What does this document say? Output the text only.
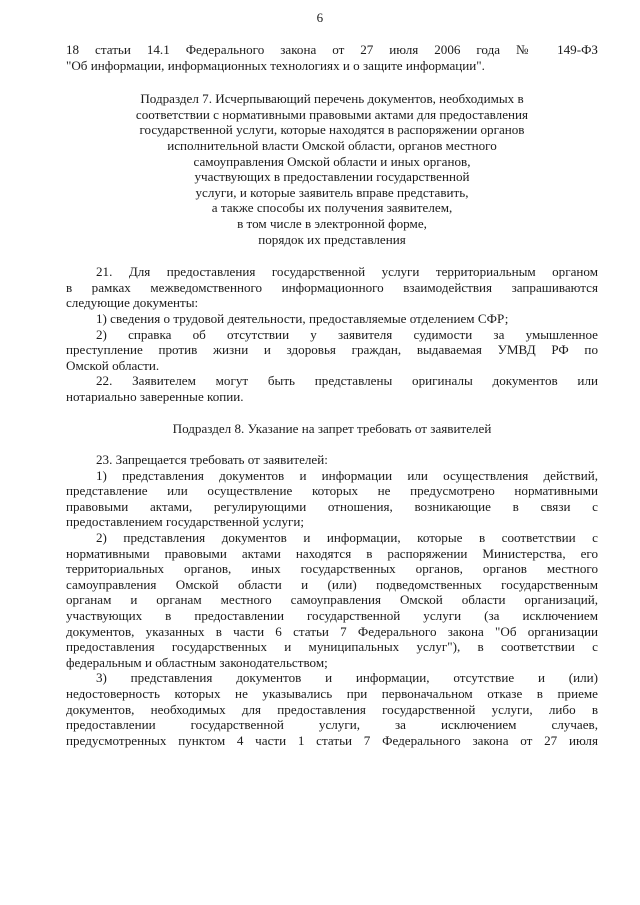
6
18 статьи 14.1 Федерального закона от 27 июля 2006 года № 149-ФЗ
"Об информации, информационных технологиях и о защите информации".
Подраздел 7. Исчерпывающий перечень документов, необходимых в
соответствии с нормативными правовыми актами для предоставления
государственной услуги, которые находятся в распоряжении органов
исполнительной власти Омской области, органов местного
самоуправления Омской области и иных органов,
участвующих в предоставлении государственной
услуги, и которые заявитель вправе представить,
а также способы их получения заявителем,
в том числе в электронной форме,
порядок их представления
21. Для предоставления государственной услуги территориальным органом
в рамках межведомственного информационного взаимодействия запрашиваются
следующие документы:
1) сведения о трудовой деятельности, предоставляемые отделением СФР;
2) справка об отсутствии у заявителя судимости за умышленное
преступление против жизни и здоровья граждан, выдаваемая УМВД РФ по
Омской области.
22. Заявителем могут быть представлены оригиналы документов или
нотариально заверенные копии.
Подраздел 8. Указание на запрет требовать от заявителей
23. Запрещается требовать от заявителей:
1) представления документов и информации или осуществления действий,
представление или осуществление которых не предусмотрено нормативными
правовыми актами, регулирующими отношения, возникающие в связи с
предоставлением государственной услуги;
2) представления документов и информации, которые в соответствии с
нормативными правовыми актами находятся в распоряжении Министерства, его
территориальных органов, иных государственных органов, органов местного
самоуправления Омской области и (или) подведомственных государственным
органам и органам местного самоуправления Омской области организаций,
участвующих в предоставлении государственной услуги (за исключением
документов, указанных в части 6 статьи 7 Федерального закона "Об организации
предоставления государственных и муниципальных услуг"), в соответствии с
федеральным и областным законодательством;
3) представления документов и информации, отсутствие и (или)
недостоверность которых не указывались при первоначальном отказе в приеме
документов, необходимых для предоставления государственной услуги, либо в
предоставлении государственной услуги, за исключением случаев,
предусмотренных пунктом 4 части 1 статьи 7 Федерального закона от 27 июля
